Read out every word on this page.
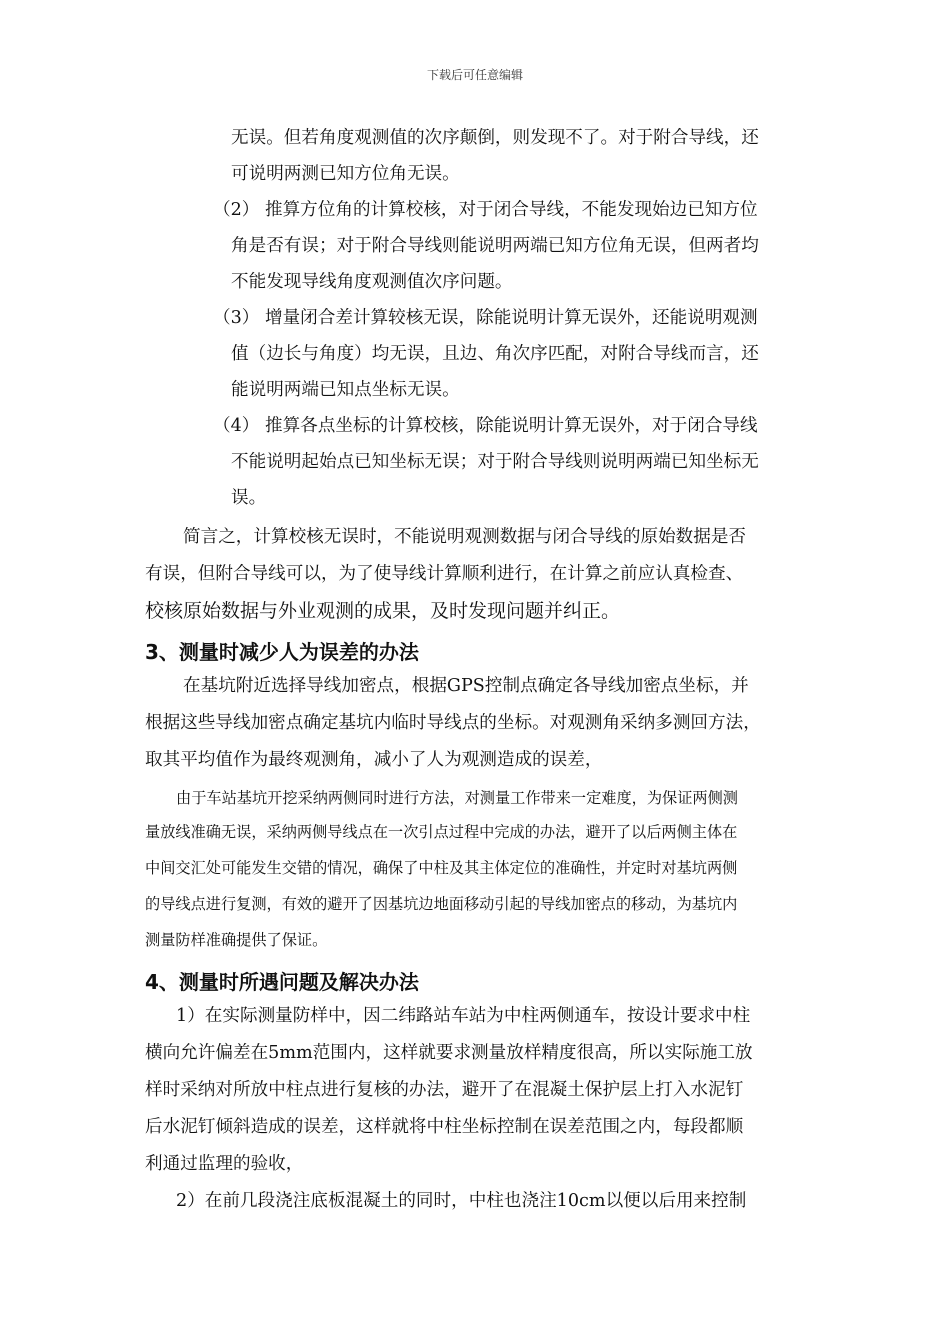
下载后可任意编辑
无误。但若角度观测值的次序颠倒，则发现不了。对于附合导线，还
可说明两测已知方位角无误。
（2） 推算方位角的计算校核，对于闭合导线，不能发现始边已知方位
角是否有误；对于附合导线则能说明两端已知方位角无误，但两者均
不能发现导线角度观测值次序问题。
（3） 增量闭合差计算较核无误，除能说明计算无误外，还能说明观测
值（边长与角度）均无误，且边、角次序匹配，对附合导线而言，还
能说明两端已知点坐标无误。
（4） 推算各点坐标的计算校核，除能说明计算无误外，对于闭合导线
不能说明起始点已知坐标无误；对于附合导线则说明两端已知坐标无
误。
简言之，计算校核无误时，不能说明观测数据与闭合导线的原始数据是否
有误，但附合导线可以，为了使导线计算顺利进行，在计算之前应认真检查、
校核原始数据与外业观测的成果，及时发现问题并纠正。
3、测量时减少人为误差的办法
在基坑附近选择导线加密点，根据GPS控制点确定各导线加密点坐标，并
根据这些导线加密点确定基坑内临时导线点的坐标。对观测角采纳多测回方法，
取其平均值作为最终观测角，减小了人为观测造成的误差，
由于车站基坑开挖采纳两侧同时进行方法，对测量工作带来一定难度，为保证两侧测
量放线准确无误，采纳两侧导线点在一次引点过程中完成的办法，避开了以后两侧主体在
中间交汇处可能发生交错的情况，确保了中柱及其主体定位的准确性，并定时对基坑两侧
的导线点进行复测，有效的避开了因基坑边地面移动引起的导线加密点的移动，为基坑内
测量防样准确提供了保证。
4、测量时所遇问题及解决办法
1）在实际测量防样中，因二纬路站车站为中柱两侧通车，按设计要求中柱
横向允许偏差在5mm范围内，这样就要求测量放样精度很高，所以实际施工放
样时采纳对所放中柱点进行复核的办法，避开了在混凝土保护层上打入水泥钉
后水泥钉倾斜造成的误差，这样就将中柱坐标控制在误差范围之内，每段都顺
利通过监理的验收，
2）在前几段浇注底板混凝土的同时，中柱也浇注10cm以便以后用来控制
